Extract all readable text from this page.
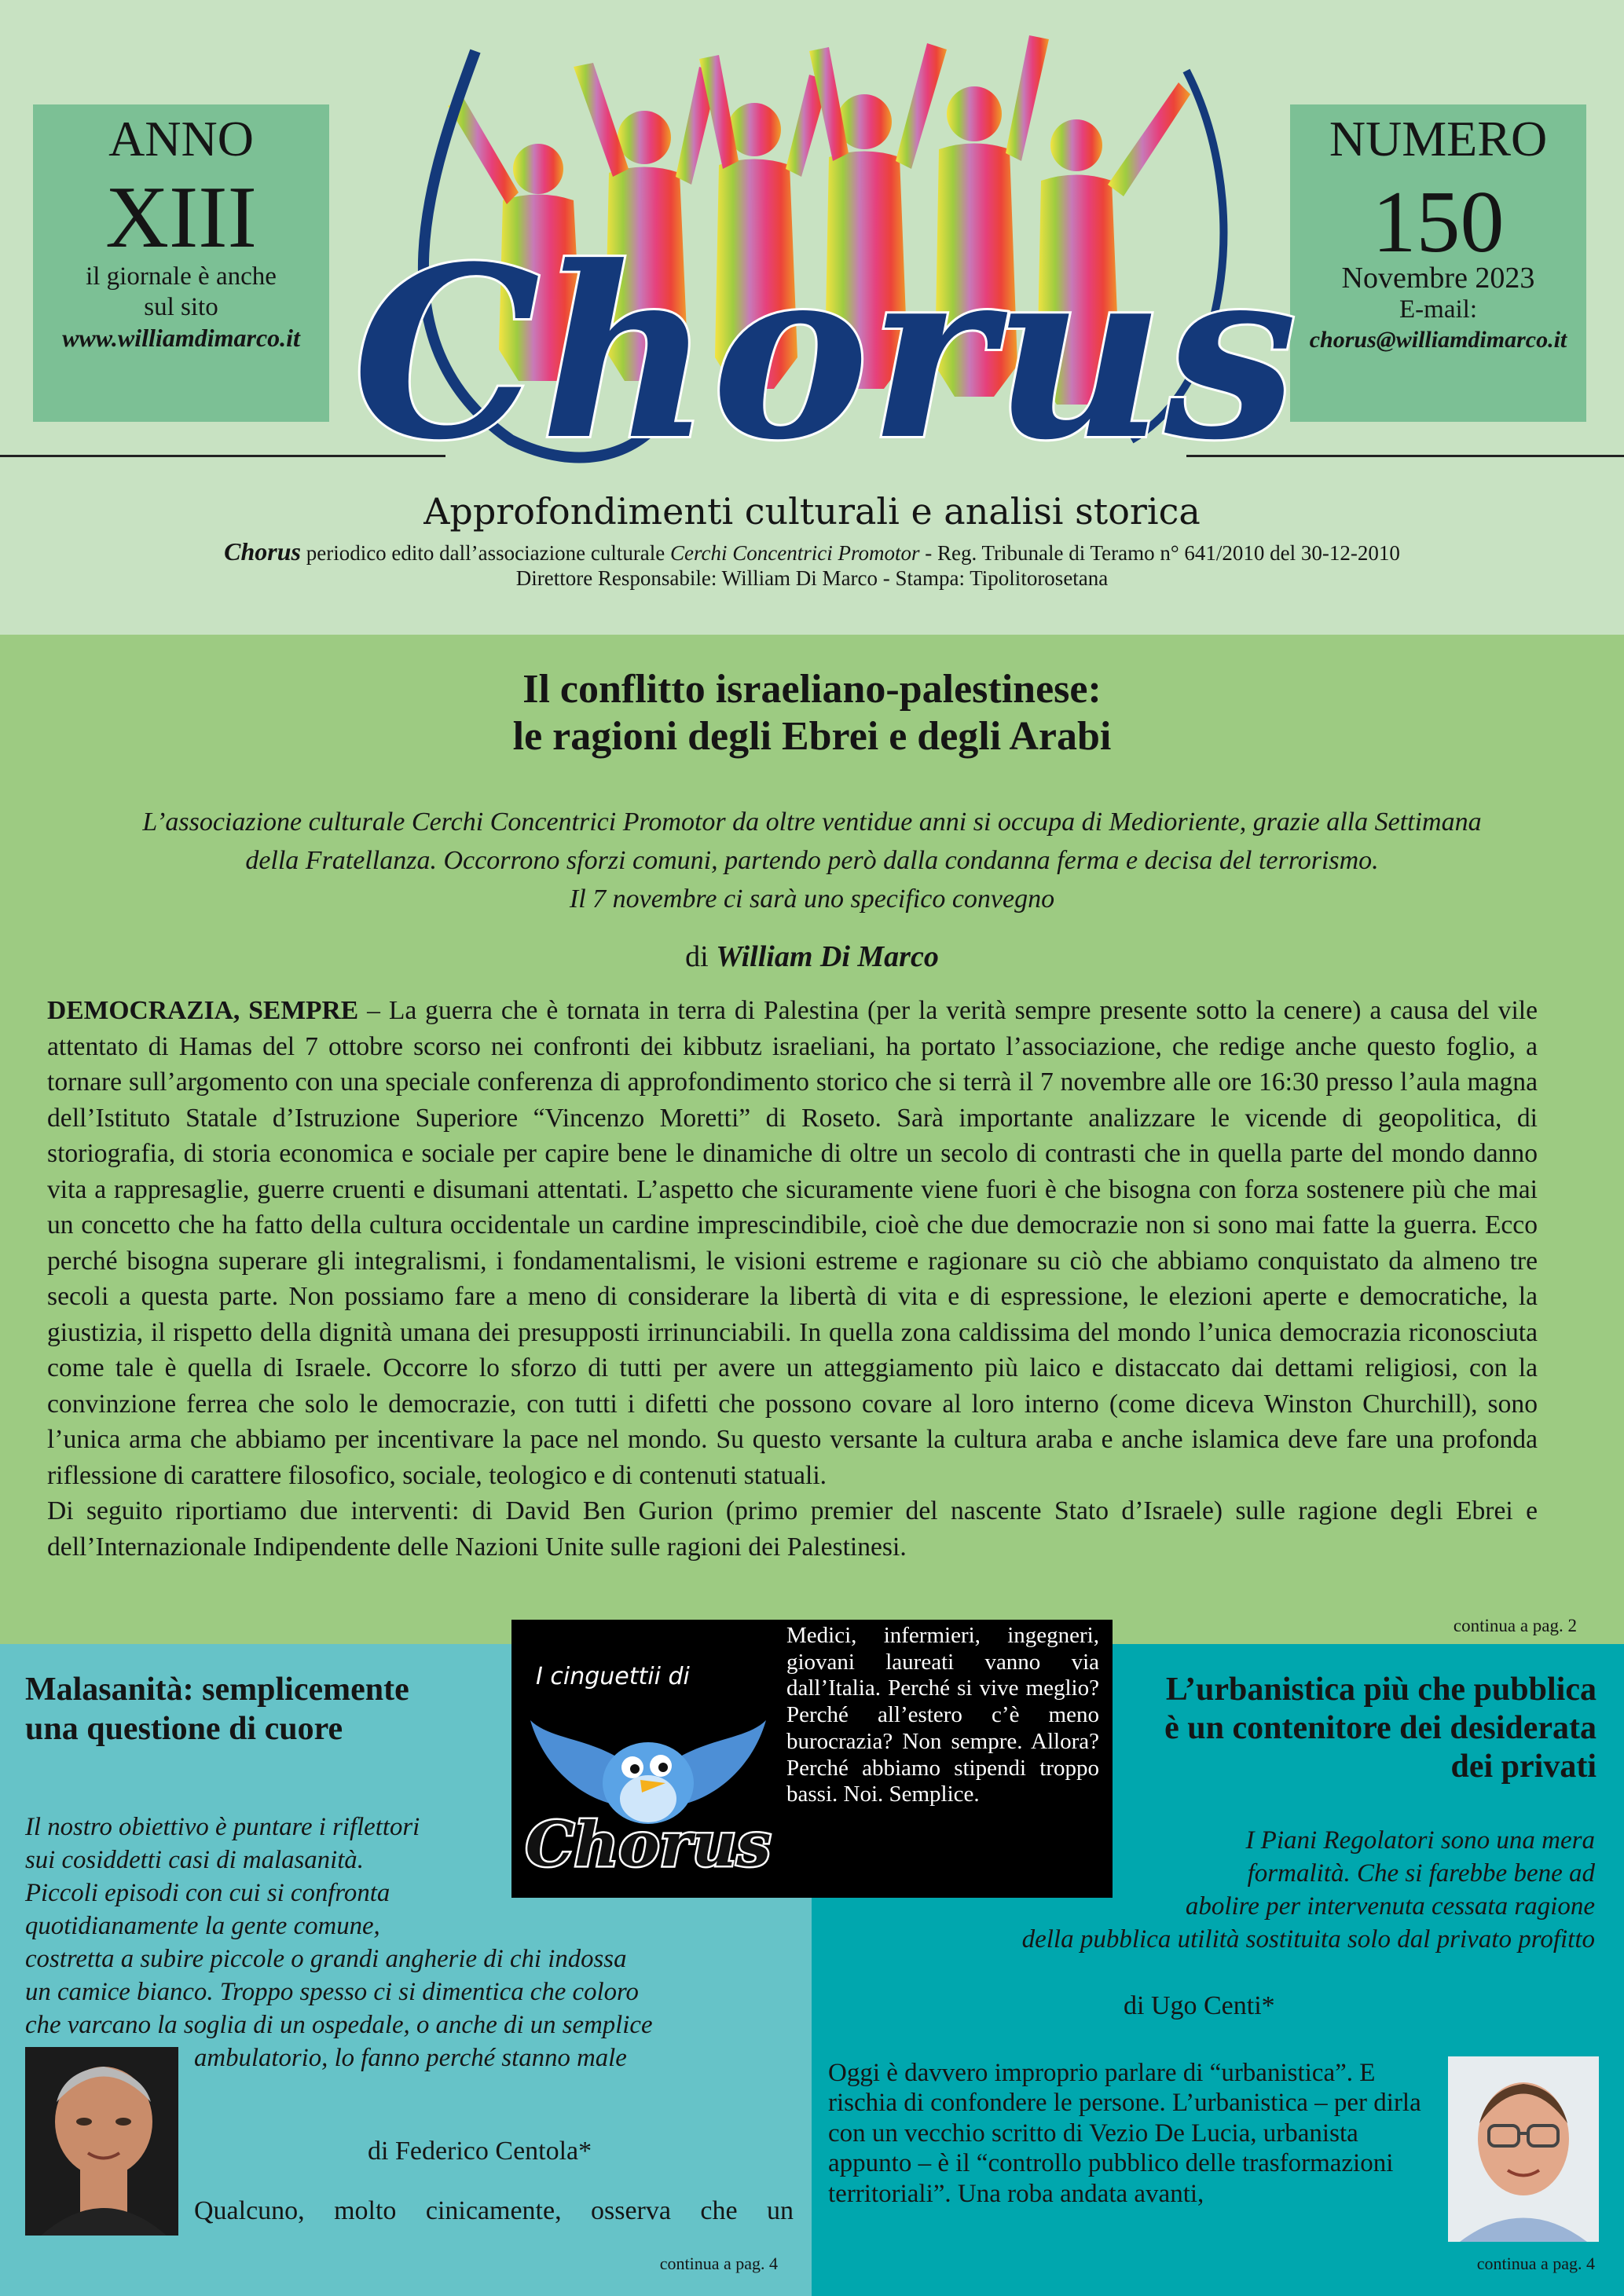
ANNO
XIII
il giornale è anche
sul sito
www.williamdimarco.it
NUMERO
150
Novembre 2023
E-mail:
chorus@williamdimarco.it
Chorus
Approfondimenti culturali e analisi storica
Chorus periodico edito dall’associazione culturale Cerchi Concentrici Promotor - Reg. Tribunale di Teramo n° 641/2010 del 30-12-2010
Direttore Responsabile: William Di Marco - Stampa: Tipolitorosetana
Il conflitto israeliano-palestinese:
le ragioni degli Ebrei e degli Arabi
L’associazione culturale Cerchi Concentrici Promotor da oltre ventidue anni si occupa di Medioriente, grazie alla Settimana
della Fratellanza. Occorrono sforzi comuni, partendo però dalla condanna ferma e decisa del terrorismo.
Il 7 novembre ci sarà uno specifico convegno
di William Di Marco
DEMOCRAZIA, SEMPRE – La guerra che è tornata in terra di Palestina (per la verità sempre presente sotto la cenere) a causa del vile attentato di Hamas del 7 ottobre scorso nei confronti dei kibbutz israeliani, ha portato l’associazione, che redige anche questo foglio, a tornare sull’argomento con una speciale conferenza di approfondimento storico che si terrà il 7 novembre alle ore 16:30 presso l’aula magna dell’Istituto Statale d’Istruzione Superiore “Vincenzo Moretti” di Roseto. Sarà importante analizzare le vicende di geopolitica, di storiografia, di storia economica e sociale per capire bene le dinamiche di oltre un secolo di contrasti che in quella parte del mondo danno vita a rappresaglie, guerre cruenti e disumani attentati. L’aspetto che sicuramente viene fuori è che bisogna con forza sostenere più che mai un concetto che ha fatto della cultura occidentale un cardine imprescindibile, cioè che due democrazie non si sono mai fatte la guerra. Ecco perché bisogna superare gli integralismi, i fondamentalismi, le visioni estreme e ragionare su ciò che abbiamo conquistato da almeno tre secoli a questa parte. Non possiamo fare a meno di considerare la libertà di vita e di espressione, le elezioni aperte e democratiche, la giustizia, il rispetto della dignità umana dei presupposti irrinunciabili. In quella zona caldissima del mondo l’unica democrazia riconosciuta come tale è quella di Israele. Occorre lo sforzo di tutti per avere un atteggiamento più laico e distaccato dai dettami religiosi, con la convinzione ferrea che solo le democrazie, con tutti i difetti che possono covare al loro interno (come diceva Winston Churchill), sono l’unica arma che abbiamo per incentivare la pace nel mondo. Su questo versante la cultura araba e anche islamica deve fare una profonda riflessione di carattere filosofico, sociale, teologico e di contenuti statuali.
Di seguito riportiamo due interventi: di David Ben Gurion (primo premier del nascente Stato d’Israele) sulle ragione degli Ebrei e dell’Internazionale Indipendente delle Nazioni Unite sulle ragioni dei Palestinesi.
continua a pag. 2
I cinguettii di
Chorus
Medici, infermieri, ingegneri, giovani laureati vanno via dall’Italia. Perché si vive meglio? Perché all’estero c’è meno burocrazia? Non sempre. Allora? Perché abbiamo stipendi troppo bassi. Noi. Semplice.
Malasanità: semplicemente
una questione di cuore
Il nostro obiettivo è puntare i riflettori
sui cosiddetti casi di malasanità.
Piccoli episodi con cui si confronta
quotidianamente la gente comune,
costretta a subire piccole o grandi angherie di chi indossa
un camice bianco. Troppo spesso ci si dimentica che coloro
che varcano la soglia di un ospedale, o anche di un semplice
ambulatorio, lo fanno perché stanno male
di Federico Centola*
Qualcuno, molto cinicamente, osserva che un
continua a pag. 4
L’urbanistica più che pubblica
è un contenitore dei desiderata
dei privati
I Piani Regolatori sono una mera
formalità. Che si farebbe bene ad
abolire per intervenuta cessata ragione
della pubblica utilità sostituita solo dal privato profitto
di Ugo Centi*
Oggi è davvero improprio parlare di “urbanistica”. E rischia di confondere le persone. L’urbanistica – per dirla con un vecchio scritto di Vezio De Lucia, urbanista appunto – è il “controllo pubblico delle trasformazioni territoriali”. Una roba andata avanti,
continua a pag. 4
